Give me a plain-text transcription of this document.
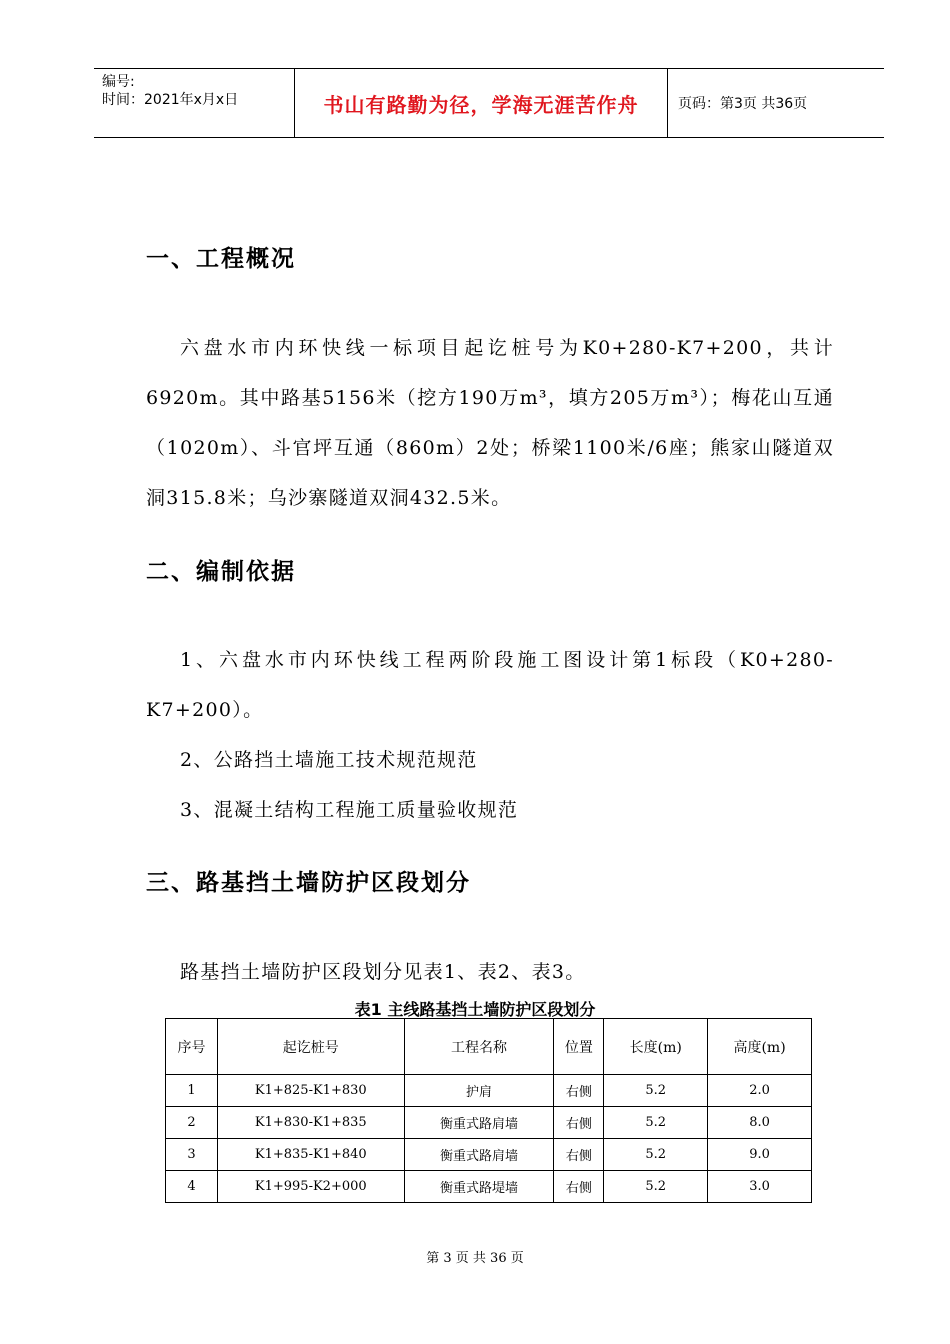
编号:
时间：2021年x月x日	书山有路勤为径，学海无涯苦作舟	页码：第3页 共36页
一、工程概况

六盘水市内环快线一标项目起讫桩号为K0+280-K7+200，共计6920m。其中路基5156米（挖方190万m³，填方205万m³）；梅花山互通（1020m）、斗官坪互通（860m）2处；桥梁1100米/6座；熊家山隧道双洞315.8米；乌沙寨隧道双洞432.5米。

二、编制依据

1、六盘水市内环快线工程两阶段施工图设计第1标段（K0+280-K7+200）。

2、公路挡土墙施工技术规范规范
3、混凝土结构工程施工质量验收规范
三、路基挡土墙防护区段划分
路基挡土墙防护区段划分见表1、表2、表3。
表1 主线路基挡土墙防护区段划分
序号	起讫桩号	工程名称	位置	长度(m)	高度(m)
1	K1+825-K1+830	护肩	右侧	5.2	2.0
2	K1+830-K1+835	衡重式路肩墙	右侧	5.2	8.0
3	K1+835-K1+840	衡重式路肩墙	右侧	5.2	9.0
4	K1+995-K2+000	衡重式路堤墙	右侧	5.2	3.0
第 3 页 共 36 页
